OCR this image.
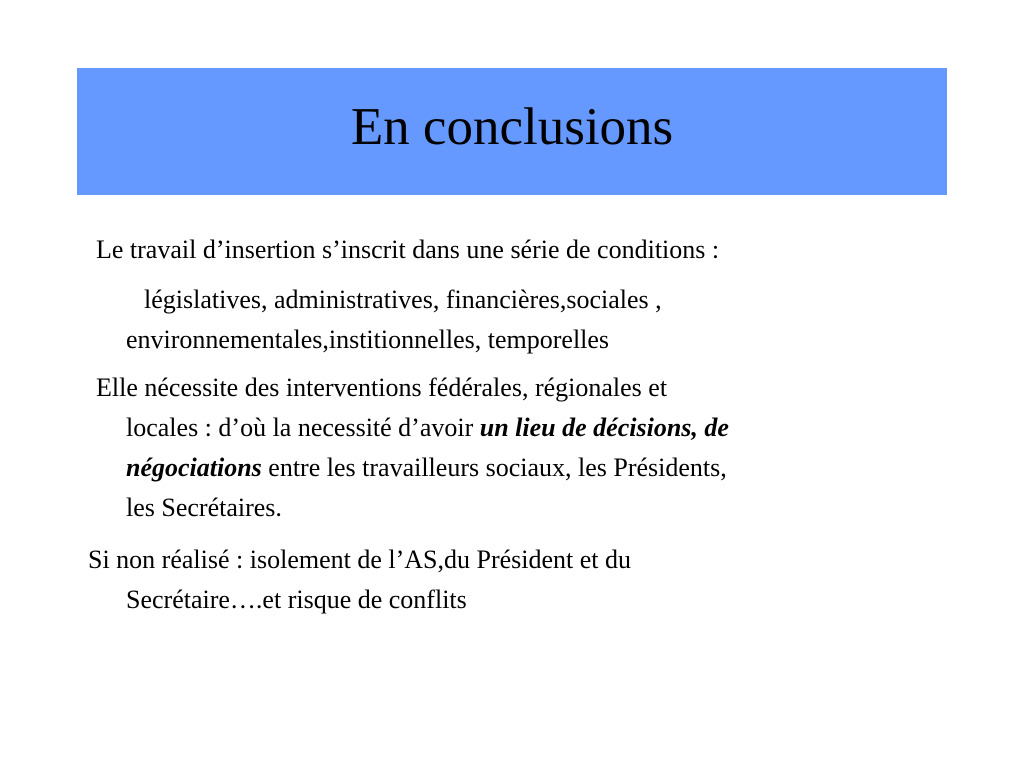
En conclusions
Le travail d’insertion s’inscrit dans une série de conditions :
législatives, administratives, financières,sociales ,
environnementales,institionnelles, temporelles
Elle nécessite des interventions fédérales, régionales et
locales : d’où la necessité d’avoir un lieu de décisions, de
négociations entre les travailleurs sociaux, les Présidents,
les Secrétaires.
Si non réalisé : isolement de l’AS,du Président et du
Secrétaire….et risque de conflits
